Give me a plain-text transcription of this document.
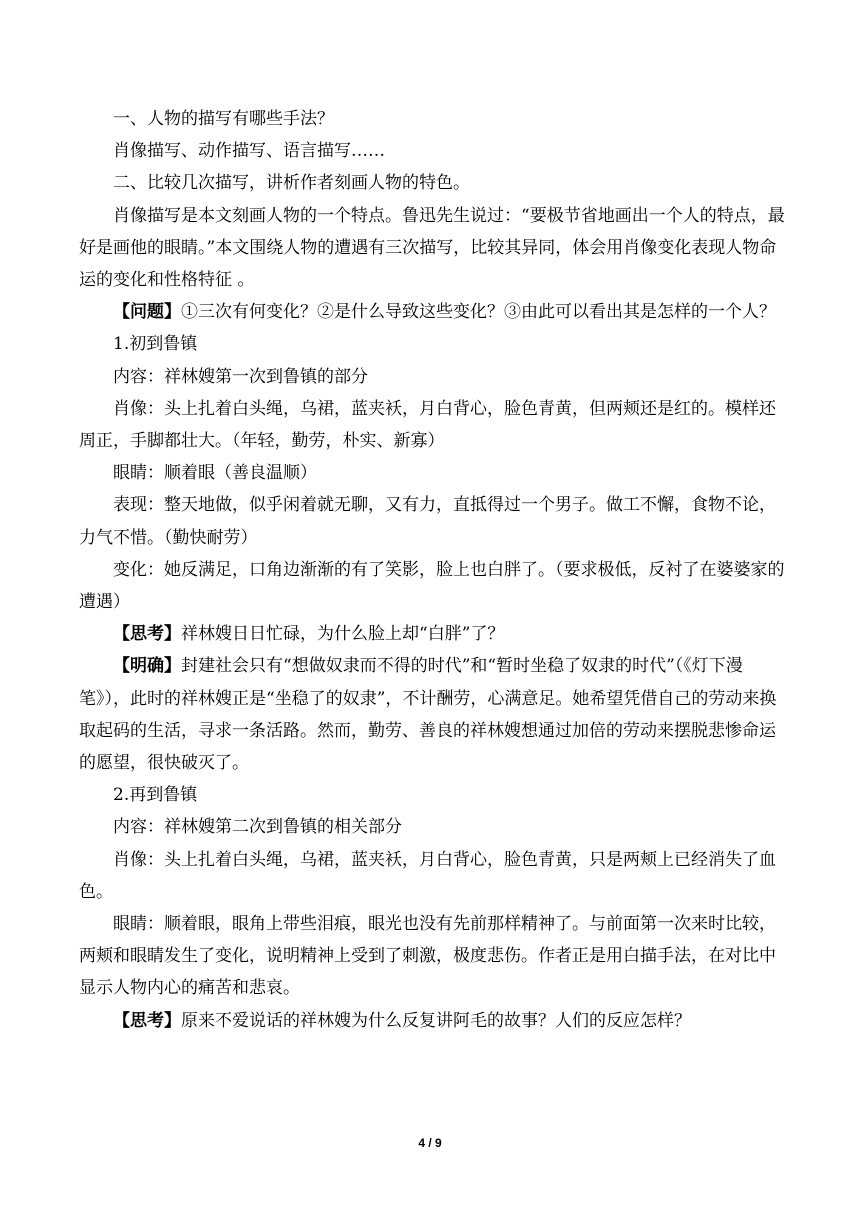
一、人物的描写有哪些手法？

肖像描写、动作描写、语言描写……

二、比较几次描写，讲析作者刻画人物的特色。

肖像描写是本文刻画人物的一个特点。鲁迅先生说过：“要极节省地画出一个人的特点，最好是画他的眼睛。”本文围绕人物的遭遇有三次描写，比较其异同，体会用肖像变化表现人物命运的变化和性格特征 。

【问题】①三次有何变化？②是什么导致这些变化？③由此可以看出其是怎样的一个人？

1.初到鲁镇

内容：祥林嫂第一次到鲁镇的部分

肖像：头上扎着白头绳，乌裙，蓝夹袄，月白背心，脸色青黄，但两颊还是红的。模样还周正，手脚都壮大。（年轻，勤劳，朴实、新寡）

眼睛：顺着眼（善良温顺）

表现：整天地做，似乎闲着就无聊，又有力，直抵得过一个男子。做工不懈，食物不论，力气不惜。（勤快耐劳）

变化：她反满足，口角边渐渐的有了笑影，脸上也白胖了。（要求极低，反衬了在婆婆家的遭遇）

【思考】祥林嫂日日忙碌，为什么脸上却“白胖”了？

【明确】封建社会只有“想做奴隶而不得的时代”和“暂时坐稳了奴隶的时代”（《灯下漫笔》），此时的祥林嫂正是“坐稳了的奴隶”，不计酬劳，心满意足。她希望凭借自己的劳动来换取起码的生活，寻求一条活路。然而，勤劳、善良的祥林嫂想通过加倍的劳动来摆脱悲惨命运的愿望，很快破灭了。

2.再到鲁镇

内容：祥林嫂第二次到鲁镇的相关部分

肖像：头上扎着白头绳，乌裙，蓝夹袄，月白背心，脸色青黄，只是两颊上已经消失了血色。

眼睛：顺着眼，眼角上带些泪痕，眼光也没有先前那样精神了。与前面第一次来时比较，两颊和眼睛发生了变化，说明精神上受到了刺激，极度悲伤。作者正是用白描手法，在对比中显示人物内心的痛苦和悲哀。

【思考】原来不爱说话的祥林嫂为什么反复讲阿毛的故事？人们的反应怎样？

4 / 9
